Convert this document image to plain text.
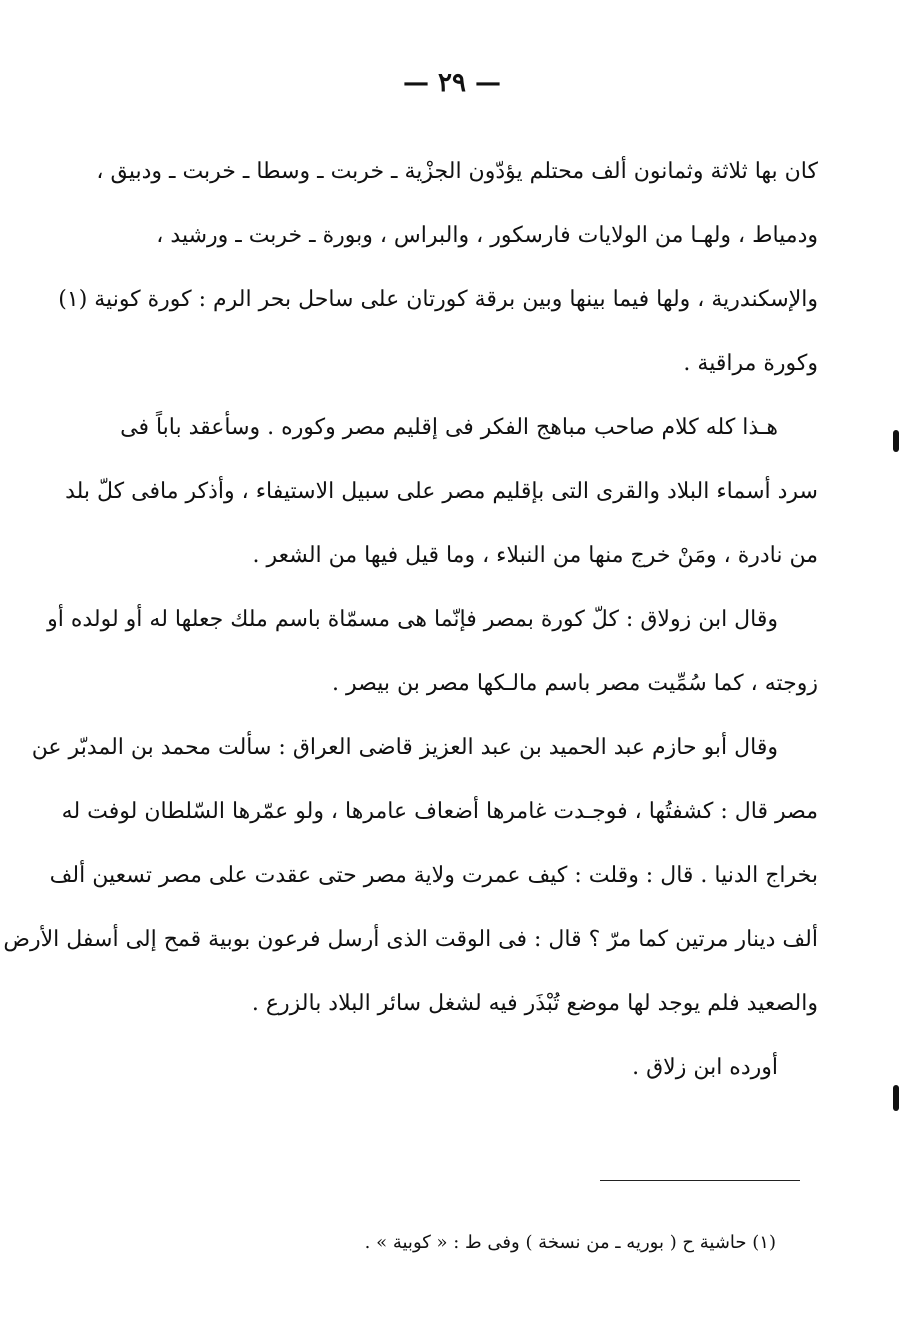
— ٢٩ —
كان بها ثلاثة وثمانون ألف محتلم يؤدّون الجزْية ـ خربت ـ وسطا ـ خربت ـ ودبيق ،
ودمياط ، ولهـا من الولايات فارسكور ، والبراس ، وبورة ـ خربت ـ ورشيد ،
والإسكندرية ، ولها فيما بينها وبين برقة كورتان على ساحل بحر الرم : كورة كونية (١)
وكورة مراقية .
هـذا كله كلام صاحب مباهج الفكر فى إقليم مصر وكوره . وسأعقد باباً فى
سرد أسماء البلاد والقرى التى بإقليم مصر على سبيل الاستيفاء ، وأذكر مافى كلّ بلد
من نادرة ، ومَنْ خرج منها من النبلاء ، وما قيل فيها من الشعر .
وقال ابن زولاق : كلّ كورة بمصر فإنّما هى مسمّاة باسم ملك جعلها له أو لولده أو
زوجته ، كما سُمِّيت مصر باسم مالـكها مصر بن بيصر .
وقال أبو حازم عبد الحميد بن عبد العزيز قاضى العراق : سألت محمد بن المدبّر عن
مصر قال : كشفتُها ، فوجـدت غامرها أضعاف عامرها ، ولو عمّرها السّلطان لوفت له
بخراج الدنيا . قال : وقلت : كيف عمرت ولاية مصر حتى عقدت على مصر تسعين ألف
ألف دينار مرتين كما مرّ ؟ قال : فى الوقت الذى أرسل فرعون بوبية قمح إلى أسفل الأرض
والصعيد فلم يوجد لها موضع تُبْذَر فيه لشغل سائر البلاد بالزرع .
أورده ابن زلاق .
(١) حاشية ح ( بوريه ـ من نسخة ) وفى ط : « كوبية » .
